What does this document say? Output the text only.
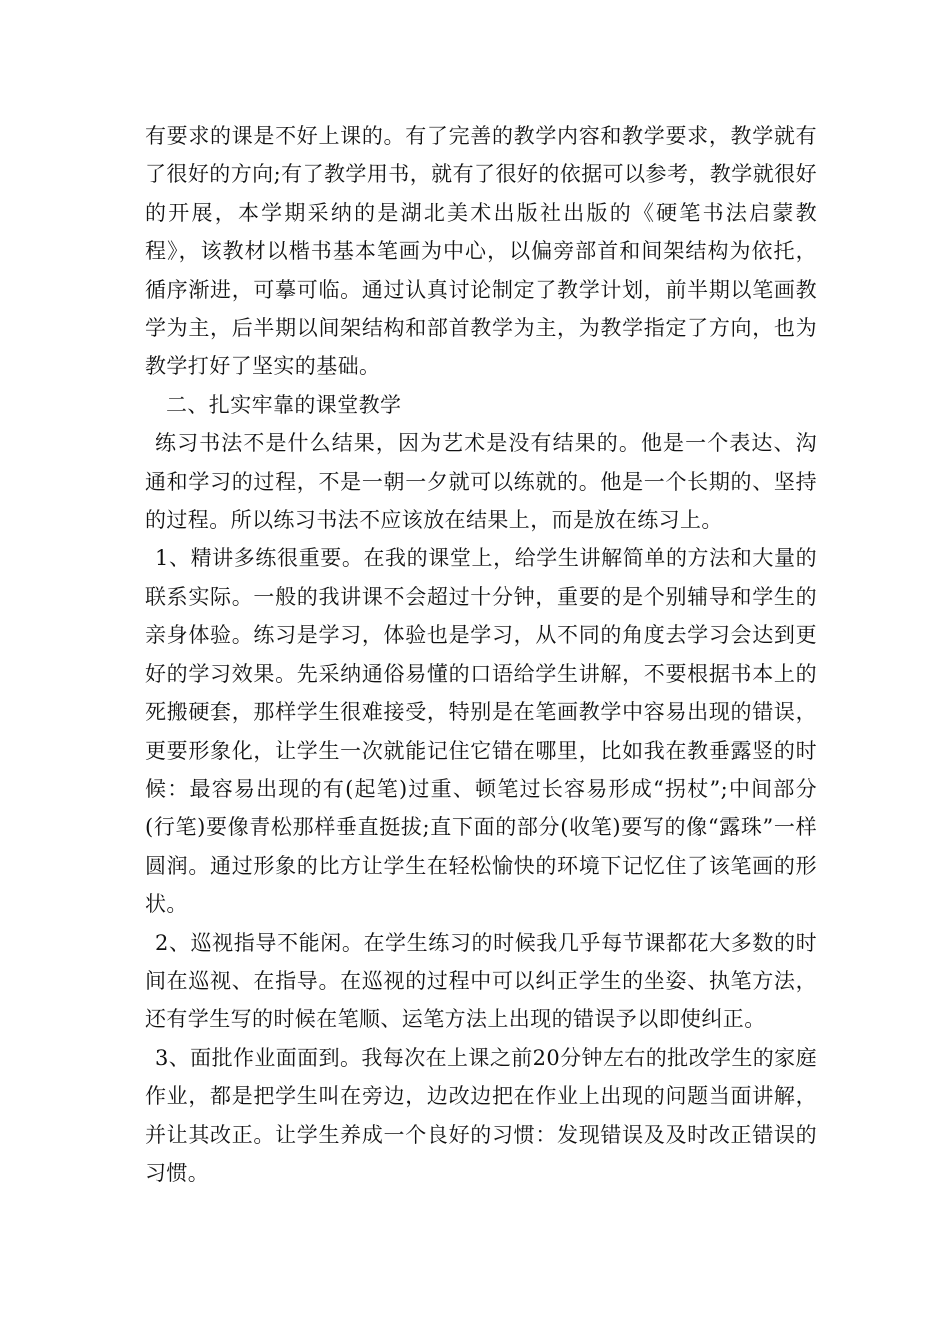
有要求的课是不好上课的。有了完善的教学内容和教学要求，教学就有了很好的方向;有了教学用书，就有了很好的依据可以参考，教学就很好的开展，本学期采纳的是湖北美术出版社出版的《硬笔书法启蒙教程》，该教材以楷书基本笔画为中心，以偏旁部首和间架结构为依托，循序渐进，可摹可临。通过认真讨论制定了教学计划，前半期以笔画教学为主，后半期以间架结构和部首教学为主，为教学指定了方向，也为教学打好了坚实的基础。

二、扎实牢靠的课堂教学

练习书法不是什么结果，因为艺术是没有结果的。他是一个表达、沟通和学习的过程，不是一朝一夕就可以练就的。他是一个长期的、坚持的过程。所以练习书法不应该放在结果上，而是放在练习上。

1、精讲多练很重要。在我的课堂上，给学生讲解简单的方法和大量的联系实际。一般的我讲课不会超过十分钟，重要的是个别辅导和学生的亲身体验。练习是学习，体验也是学习，从不同的角度去学习会达到更好的学习效果。先采纳通俗易懂的口语给学生讲解，不要根据书本上的死搬硬套，那样学生很难接受，特别是在笔画教学中容易出现的错误，更要形象化，让学生一次就能记住它错在哪里，比如我在教垂露竖的时候：最容易出现的有(起笔)过重、顿笔过长容易形成“拐杖”;中间部分(行笔)要像青松那样垂直挺拔;直下面的部分(收笔)要写的像“露珠”一样圆润。通过形象的比方让学生在轻松愉快的环境下记忆住了该笔画的形状。

2、巡视指导不能闲。在学生练习的时候我几乎每节课都花大多数的时间在巡视、在指导。在巡视的过程中可以纠正学生的坐姿、执笔方法，还有学生写的时候在笔顺、运笔方法上出现的错误予以即使纠正。

3、面批作业面面到。我每次在上课之前20分钟左右的批改学生的家庭作业，都是把学生叫在旁边，边改边把在作业上出现的问题当面讲解，并让其改正。让学生养成一个良好的习惯：发现错误及及时改正错误的习惯。
